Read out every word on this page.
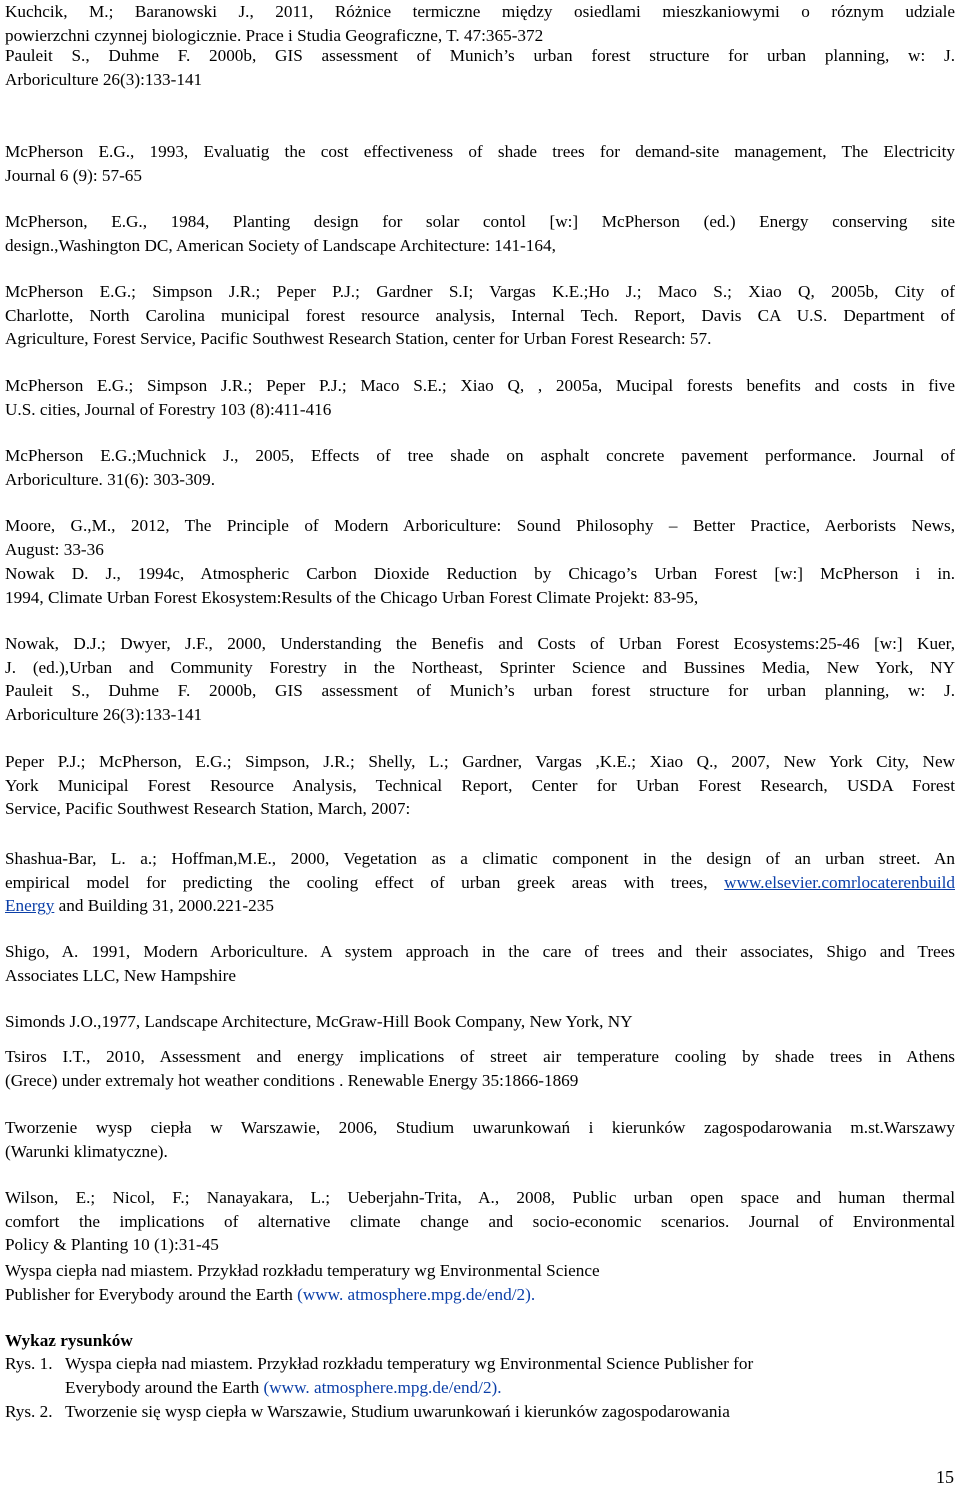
Kuchcik, M.; Baranowski J., 2011, Różnice termiczne między osiedlami mieszkaniowymi o róznym udziale
powierzchni czynnej biologicznie. Prace i Studia Geograficzne, T. 47:365-372
Pauleit S., Duhme F. 2000b, GIS assessment of Munich’s urban forest structure for urban planning, w: J.
Arboriculture 26(3):133-141
McPherson E.G., 1993, Evaluatig the cost effectiveness of shade trees for demand-site management, The Electricity
Journal 6 (9): 57-65
McPherson, E.G., 1984, Planting design for solar contol [w:] McPherson (ed.) Energy conserving site
design.,Washington DC, American Society of Landscape Architecture: 141-164,
McPherson E.G.; Simpson J.R.; Peper P.J.; Gardner S.I; Vargas K.E.;Ho J.; Maco S.; Xiao Q, 2005b, City of
Charlotte, North Carolina municipal forest resource analysis, Internal Tech. Report, Davis CA U.S. Department of
Agriculture, Forest Service, Pacific Southwest Research Station, center for Urban Forest Research: 57.
McPherson E.G.; Simpson J.R.; Peper P.J.; Maco S.E.; Xiao Q, , 2005a, Mucipal forests benefits and costs in five
U.S. cities, Journal of Forestry 103 (8):411-416
McPherson E.G.;Muchnick J., 2005, Effects of tree shade on asphalt concrete pavement performance. Journal of
Arboriculture. 31(6): 303-309.
Moore, G.,M., 2012, The Principle of Modern Arboriculture: Sound Philosophy – Better Practice, Aerborists News,
August: 33-36
Nowak D. J., 1994c, Atmospheric Carbon Dioxide Reduction by Chicago’s Urban Forest [w:] McPherson i in.
1994, Climate Urban Forest Ekosystem:Results of the Chicago Urban Forest Climate Projekt: 83-95,
Nowak, D.J.; Dwyer, J.F., 2000, Understanding the Benefis and Costs of Urban Forest Ecosystems:25-46 [w:] Kuer,
J. (ed.),Urban and Community Forestry in the Northeast, Sprinter Science and Bussines Media, New York, NY
Pauleit S., Duhme F. 2000b, GIS assessment of Munich’s urban forest structure for urban planning, w: J.
Arboriculture 26(3):133-141
Peper P.J.; McPherson, E.G.; Simpson, J.R.; Shelly, L.; Gardner, Vargas ,K.E.; Xiao Q., 2007, New York City, New
York Municipal Forest Resource Analysis, Technical Report, Center for Urban Forest Research, USDA Forest
Service, Pacific Southwest Research Station, March, 2007:
Shigo, A. 1991, Modern Arboriculture. A system approach in the care of trees and their associates, Shigo and Trees
Associates LLC, New Hampshire
Simonds J.O.,1977, Landscape Architecture, McGraw-Hill Book Company, New York, NY
Tsiros I.T., 2010, Assessment and energy implications of street air temperature cooling by shade trees in Athens
(Grece) under extremaly hot weather conditions . Renewable Energy 35:1866-1869
Tworzenie wysp ciepła w Warszawie, 2006, Studium uwarunkowań i kierunków zagospodarowania m.st.Warszawy
(Warunki klimatyczne).
Wilson, E.; Nicol, F.; Nanayakara, L.; Ueberjahn-Trita, A., 2008, Public urban open space and human thermal
comfort the implications of alternative climate change and socio-economic scenarios. Journal of Environmental
Policy & Planting 10 (1):31-45
Shashua-Bar, L. a.; Hoffman,M.E., 2000, Vegetation as a climatic component in the design of an urban street. An
empirical model for predicting the cooling effect of urban greek areas with trees, www.elsevier.comrlocaterenbuild
Energy and Building 31, 2000.221-235
Wyspa ciepła nad miastem. Przykład rozkładu temperatury wg Environmental Science
Publisher for Everybody around the Earth (www. atmosphere.mpg.de/end/2).
Wykaz rysunków
Rys. 1. Wyspa ciepła nad miastem. Przykład rozkładu temperatury wg Environmental Science Publisher for
Everybody around the Earth (www. atmosphere.mpg.de/end/2).
Rys. 2. Tworzenie się wysp ciepła w Warszawie, Studium uwarunkowań i kierunków zagospodarowania
15
